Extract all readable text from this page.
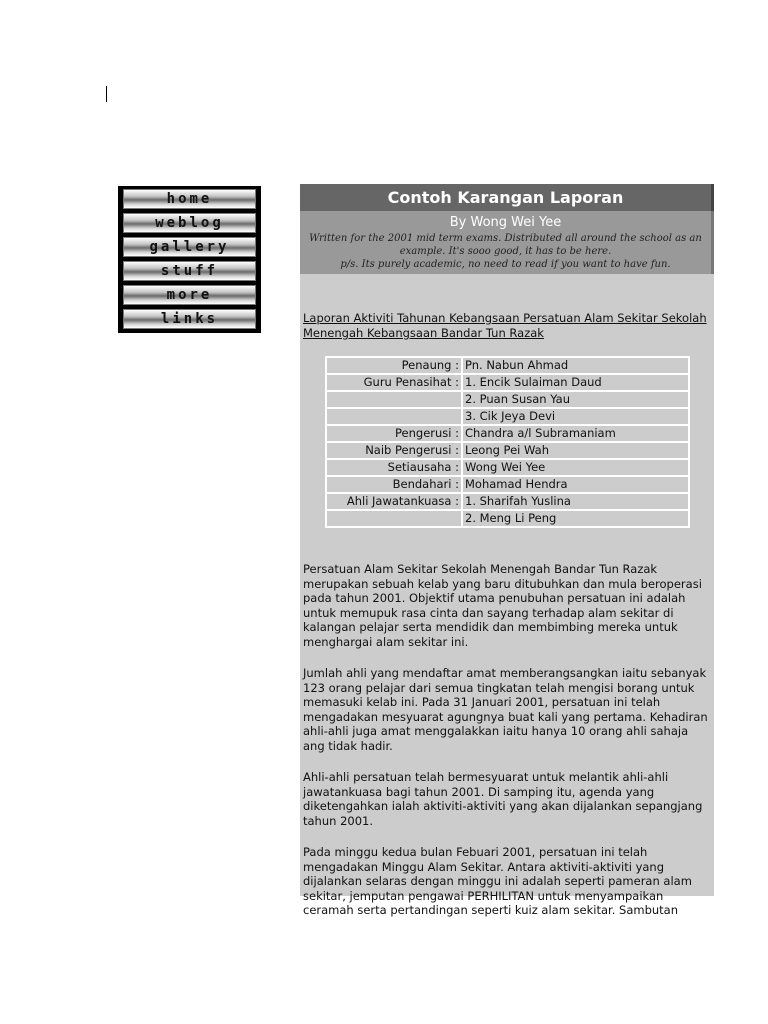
home
weblog
gallery
stuff
more
links
Contoh Karangan Laporan
By Wong Wei Yee
Written for the 2001 mid term exams. Distributed all around the school as an example. It's sooo good, it has to be here.
p/s. Its purely academic, no need to read if you want to have fun.
Laporan Aktiviti Tahunan Kebangsaan Persatuan Alam Sekitar Sekolah Menengah Kebangsaan Bandar Tun Razak
Penaung :	Pn. Nabun Ahmad
Guru Penasihat :	1. Encik Sulaiman Daud
	2. Puan Susan Yau
	3. Cik Jeya Devi
Pengerusi :	Chandra a/l Subramaniam
Naib Pengerusi :	Leong Pei Wah
Setiausaha :	Wong Wei Yee
Bendahari :	Mohamad Hendra
Ahli Jawatankuasa :	1. Sharifah Yuslina
	2. Meng Li Peng
Persatuan Alam Sekitar Sekolah Menengah Bandar Tun Razak merupakan sebuah kelab yang baru ditubuhkan dan mula beroperasi pada tahun 2001. Objektif utama penubuhan persatuan ini adalah untuk memupuk rasa cinta dan sayang terhadap alam sekitar di kalangan pelajar serta mendidik dan membimbing mereka untuk menghargai alam sekitar ini.
Jumlah ahli yang mendaftar amat memberangsangkan iaitu sebanyak 123 orang pelajar dari semua tingkatan telah mengisi borang untuk memasuki kelab ini. Pada 31 Januari 2001, persatuan ini telah mengadakan mesyuarat agungnya buat kali yang pertama. Kehadiran ahli-ahli juga amat menggalakkan iaitu hanya 10 orang ahli sahaja ang tidak hadir.
Ahli-ahli persatuan telah bermesyuarat untuk melantik ahli-ahli jawatankuasa bagi tahun 2001. Di samping itu, agenda yang diketengahkan ialah aktiviti-aktiviti yang akan dijalankan sepangjang tahun 2001.
Pada minggu kedua bulan Febuari 2001, persatuan ini telah mengadakan Minggu Alam Sekitar. Antara aktiviti-aktiviti yang dijalankan selaras dengan minggu ini adalah seperti pameran alam sekitar, jemputan pengawai PERHILITAN untuk menyampaikan ceramah serta pertandingan seperti kuiz alam sekitar. Sambutan
